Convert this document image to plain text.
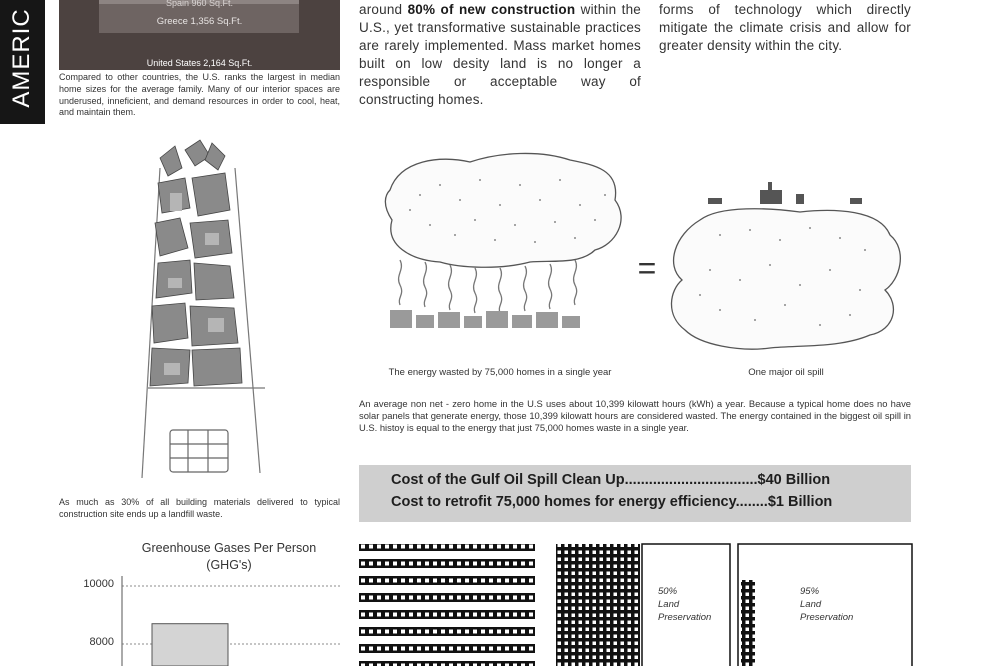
AMERIC
Spain 960 Sq.Ft.
Greece 1,356 Sq.Ft.
United States 2,164 Sq.Ft.
Compared to other countries, the U.S. ranks the largest in median home sizes for the average family. Many of our interior spaces are underused, inneficient, and demand resources in order to cool, heat, and maintain them.
around 80% of new construction within the U.S., yet transformative sustainable practices are rarely implemented. Mass market homes built on low desity land is no longer a responsible or acceptable way of constructing homes.
forms of technology which directly mitigate the climate crisis and allow for greater density within the city.
As much as 30% of all building materials delivered to typical construction site ends up a landfill waste.
=
The energy wasted by 75,000 homes in a single year	One major oil spill
An average non net - zero home in the U.S uses about 10,399 kilowatt hours (kWh) a year. Because a typical home does no have solar panels that generate energy, those 10,399 kilowatt hours are considered wasted. The energy contained in the biggest oil spill in U.S. histoy is equal to the energy that just 75,000 homes waste in a single year.
Cost of the Gulf Oil Spill Clean Up.................................$40 Billion
Cost to retrofit 75,000 homes for energy efficiency........$1 Billion
Greenhouse Gases Per Person
(GHG's)
10000
8000
50%
Land
Preservation
95%
Land
Preservation
